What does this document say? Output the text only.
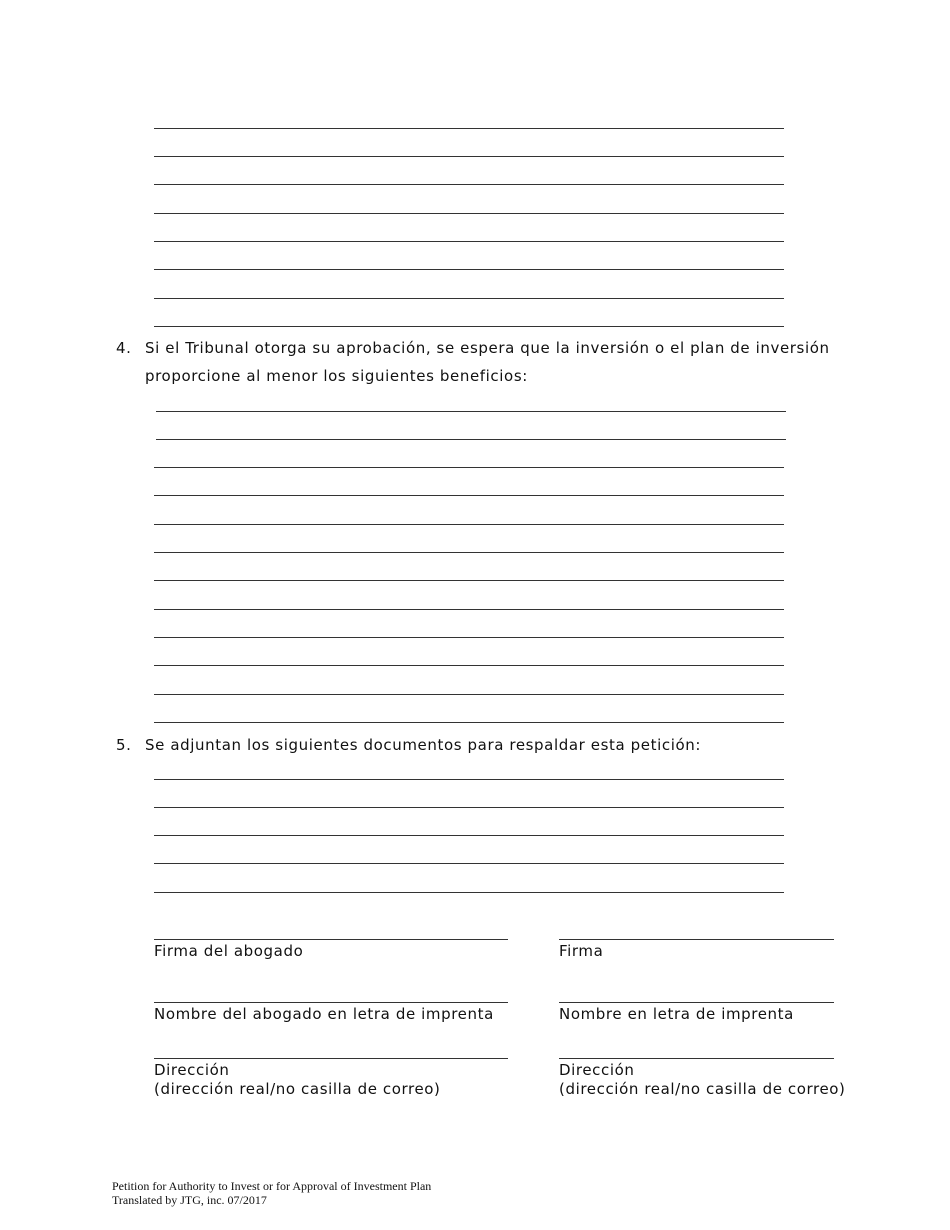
4. Si el Tribunal otorga su aprobación, se espera que la inversión o el plan de inversión
proporcione al menor los siguientes beneficios:
5. Se adjuntan los siguientes documentos para respaldar esta petición:
Firma del abogado	Firma
Nombre del abogado en letra de imprenta	Nombre en letra de imprenta
Dirección
(dirección real/no casilla de correo)
Dirección
(dirección real/no casilla de correo)
Petition for Authority to Invest or for Approval of Investment Plan
Translated by JTG, inc. 07/2017
